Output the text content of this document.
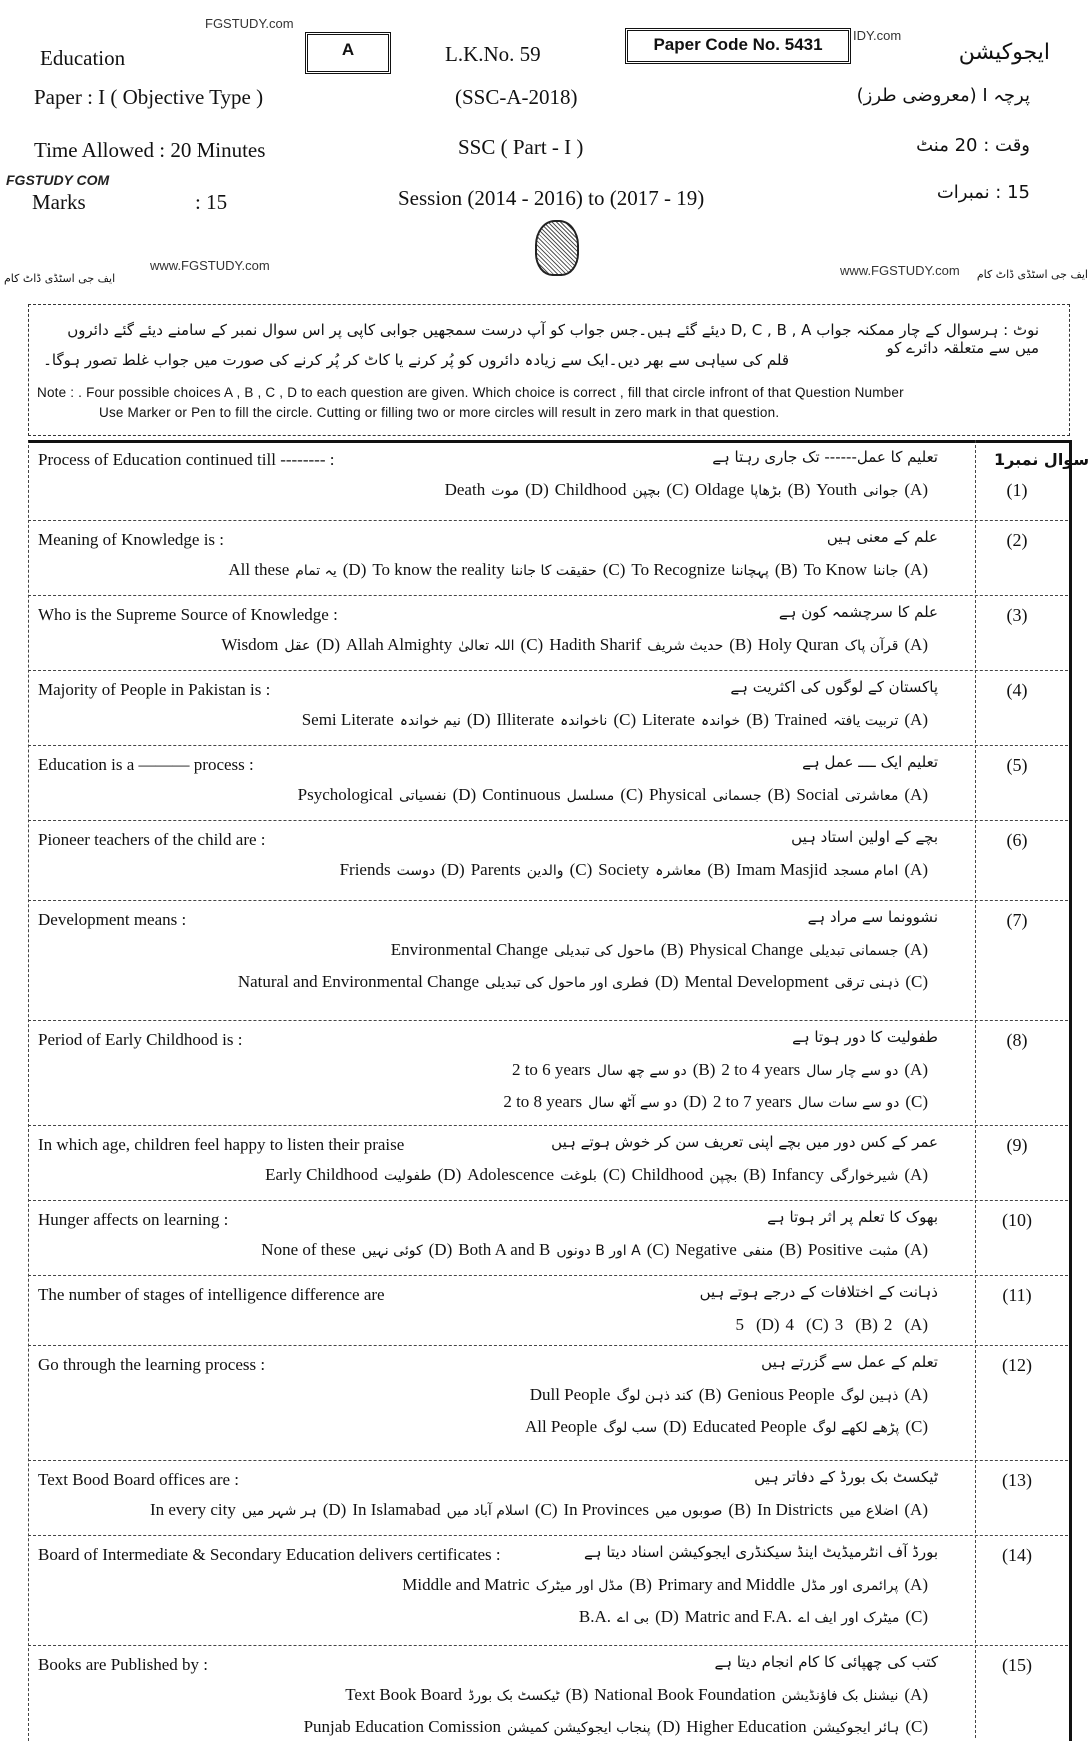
FGSTUDY.com
IDY.com
Education	A	L.K.No. 59	Paper Code No. 5431	ایجوکیشن
Paper : I ( Objective Type )	(SSC-A-2018)	پرچہ I (معروضی طرز)
Time Allowed : 20 Minutes	SSC ( Part - I )	وقت : 20 منٹ
FGSTUDY COM
Marks	: 15	Session (2014 - 2016) to (2017 - 19)	15 : نمبرات
www.FGSTUDY.com	www.FGSTUDY.com
ایف جی اسٹڈی ڈاٹ کام	ایف جی اسٹڈی ڈاٹ کام
نوٹ : ہرسوال کے چار ممکنہ جواب D, C , B , A دیئے گئے ہیں۔جس جواب کو آپ درست سمجھیں جوابی کاپی پر اس سوال نمبر کے سامنے دیئے گئے دائروں میں سے متعلقہ دائرے کو
قلم کی سیاہی سے بھر دیں۔ایک سے زیادہ دائروں کو پُر کرنے یا کاٹ کر پُر کرنے کی صورت میں جواب غلط تصور ہوگا۔
Note : . Four possible choices A , B , C , D to each question are given. Which choice is correct , fill that circle infront of that Question Number
Use Marker or Pen to fill the circle. Cutting or filling two or more circles will result in zero mark in that question.
سوال نمبر1
Process of Education continued till -------- :	تعلیم کا عمل------ تک جاری رہتا ہے
(1)
Death موت (D) Childhood بچپن (C) Oldage بڑھاپا (B) Youth جوانی (A)
Meaning of Knowledge is :	علم کے معنی ہیں	(2)
All these یہ تمام (D) To know the reality حقیقت کا جاننا (C) To Recognize پہچاننا (B) To Know جاننا (A)
Who is the Supreme Source of Knowledge :	علم کا سرچشمہ کون ہے	(3)
Wisdom عقل (D) Allah Almighty اللہ تعالیٰ (C) Hadith Sharif حدیث شریف (B) Holy Quran قرآن پاک (A)
Majority of People in Pakistan is :	پاکستان کے لوگوں کی اکثریت ہے	(4)
Semi Literate نیم خواندہ (D) Illiterate ناخواندہ (C) Literate خواندہ (B) Trained تربیت یافتہ (A)
Education is a ——— process :	تعلیم ایک ــــ عمل ہے	(5)
Psychological نفسیاتی (D) Continuous مسلسل (C) Physical جسمانی (B) Social معاشرتی (A)
Pioneer teachers of the child are :	بچے کے اولین استاد ہیں	(6)
Friends دوست (D) Parents والدین (C) Society معاشرہ (B) Imam Masjid امام مسجد (A)
Development means :	نشوونما سے مراد ہے	(7)
Environmental Change ماحول کی تبدیلی (B) Physical Change جسمانی تبدیلی (A)
Natural and Environmental Change فطری اور ماحول کی تبدیلی (D) Mental Development ذہنی ترقی (C)
Period of Early Childhood is :	طفولیت کا دور ہوتا ہے	(8)
2 to 6 years دو سے چھ سال (B) 2 to 4 years دو سے چار سال (A)
2 to 8 years دو سے آٹھ سال (D) 2 to 7 years دو سے سات سال (C)
In which age, children feel happy to listen their praise	عمر کے کس دور میں بچے اپنی تعریف سن کر خوش ہوتے ہیں	(9)
Early Childhood طفولیت (D) Adolescence بلوغت (C) Childhood بچپن (B) Infancy شیرخوارگی (A)
Hunger affects on learning :	بھوک کا تعلم پر اثر ہوتا ہے	(10)
None of these کوئی نہیں (D) Both A and B A اور B دونوں (C) Negative منفی (B) Positive مثبت (A)
The number of stages of intelligence difference are	ذہانت کے اختلافات کے درجے ہوتے ہیں	(11)
5 (D) 4 (C) 3 (B) 2 (A)
Go through the learning process :	تعلم کے عمل سے گزرتے ہیں	(12)
Dull People کند ذہن لوگ (B) Genious People ذہین لوگ (A)
All People سب لوگ (D) Educated People پڑھے لکھے لوگ (C)
Text Bood Board offices are :	ٹیکسٹ بک بورڈ کے دفاتر ہیں	(13)
In every city ہر شہر میں (D) In Islamabad اسلام آباد میں (C) In Provinces صوبوں میں (B) In Districts اضلاع میں (A)
Board of Intermediate & Secondary Education delivers certificates :	بورڈ آف انٹرمیڈیٹ اینڈ سیکنڈری ایجوکیشن اسناد دیتا ہے	(14)
Middle and Matric مڈل اور میٹرک (B) Primary and Middle پرائمری اور مڈل (A)
B.A. بی اے (D) Matric and F.A. میٹرک اور ایف اے (C)
Books are Published by :	کتب کی چھپائی کا کام انجام دیتا ہے	(15)
Text Book Board ٹیکسٹ بک بورڈ (B) National Book Foundation نیشنل بک فاؤنڈیشن (A)
Punjab Education Comission پنجاب ایجوکیشن کمیشن (D) Higher Education ہائر ایجوکیشن (C)
